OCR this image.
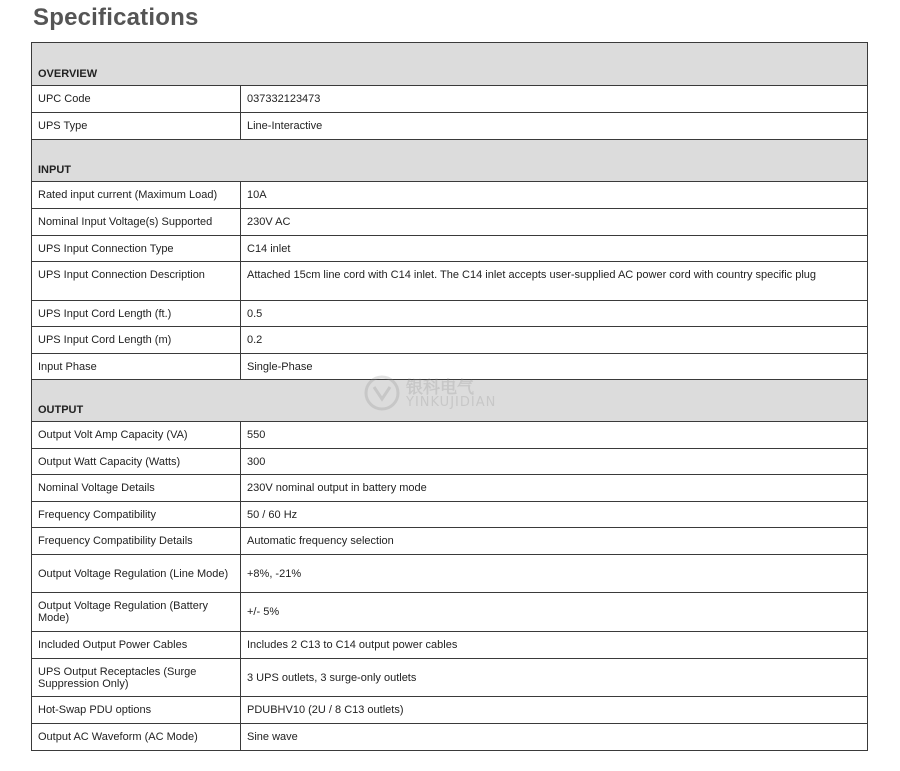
Specifications
OVERVIEW	
UPC Code	037332123473
UPS Type	Line-Interactive
INPUT	
Rated input current (Maximum Load)	10A
Nominal Input Voltage(s) Supported	230V AC
UPS Input Connection Type	C14 inlet
UPS Input Connection Description	Attached 15cm line cord with C14 inlet. The C14 inlet accepts user-supplied AC power cord with country specific plug
UPS Input Cord Length (ft.)	0.5
UPS Input Cord Length (m)	0.2
Input Phase	Single-Phase
OUTPUT	
Output Volt Amp Capacity (VA)	550
Output Watt Capacity (Watts)	300
Nominal Voltage Details	230V nominal output in battery mode
Frequency Compatibility	50 / 60 Hz
Frequency Compatibility Details	Automatic frequency selection
Output Voltage Regulation (Line Mode)	+8%, -21%
Output Voltage Regulation (Battery Mode)	+/- 5%
Included Output Power Cables	Includes 2 C13 to C14 output power cables
UPS Output Receptacles (Surge Suppression Only)	3 UPS outlets, 3 surge-only outlets
Hot-Swap PDU options	PDUBHV10 (2U / 8 C13 outlets)
Output AC Waveform (AC Mode)	Sine wave
银科电气
YINKUJIDIAN
